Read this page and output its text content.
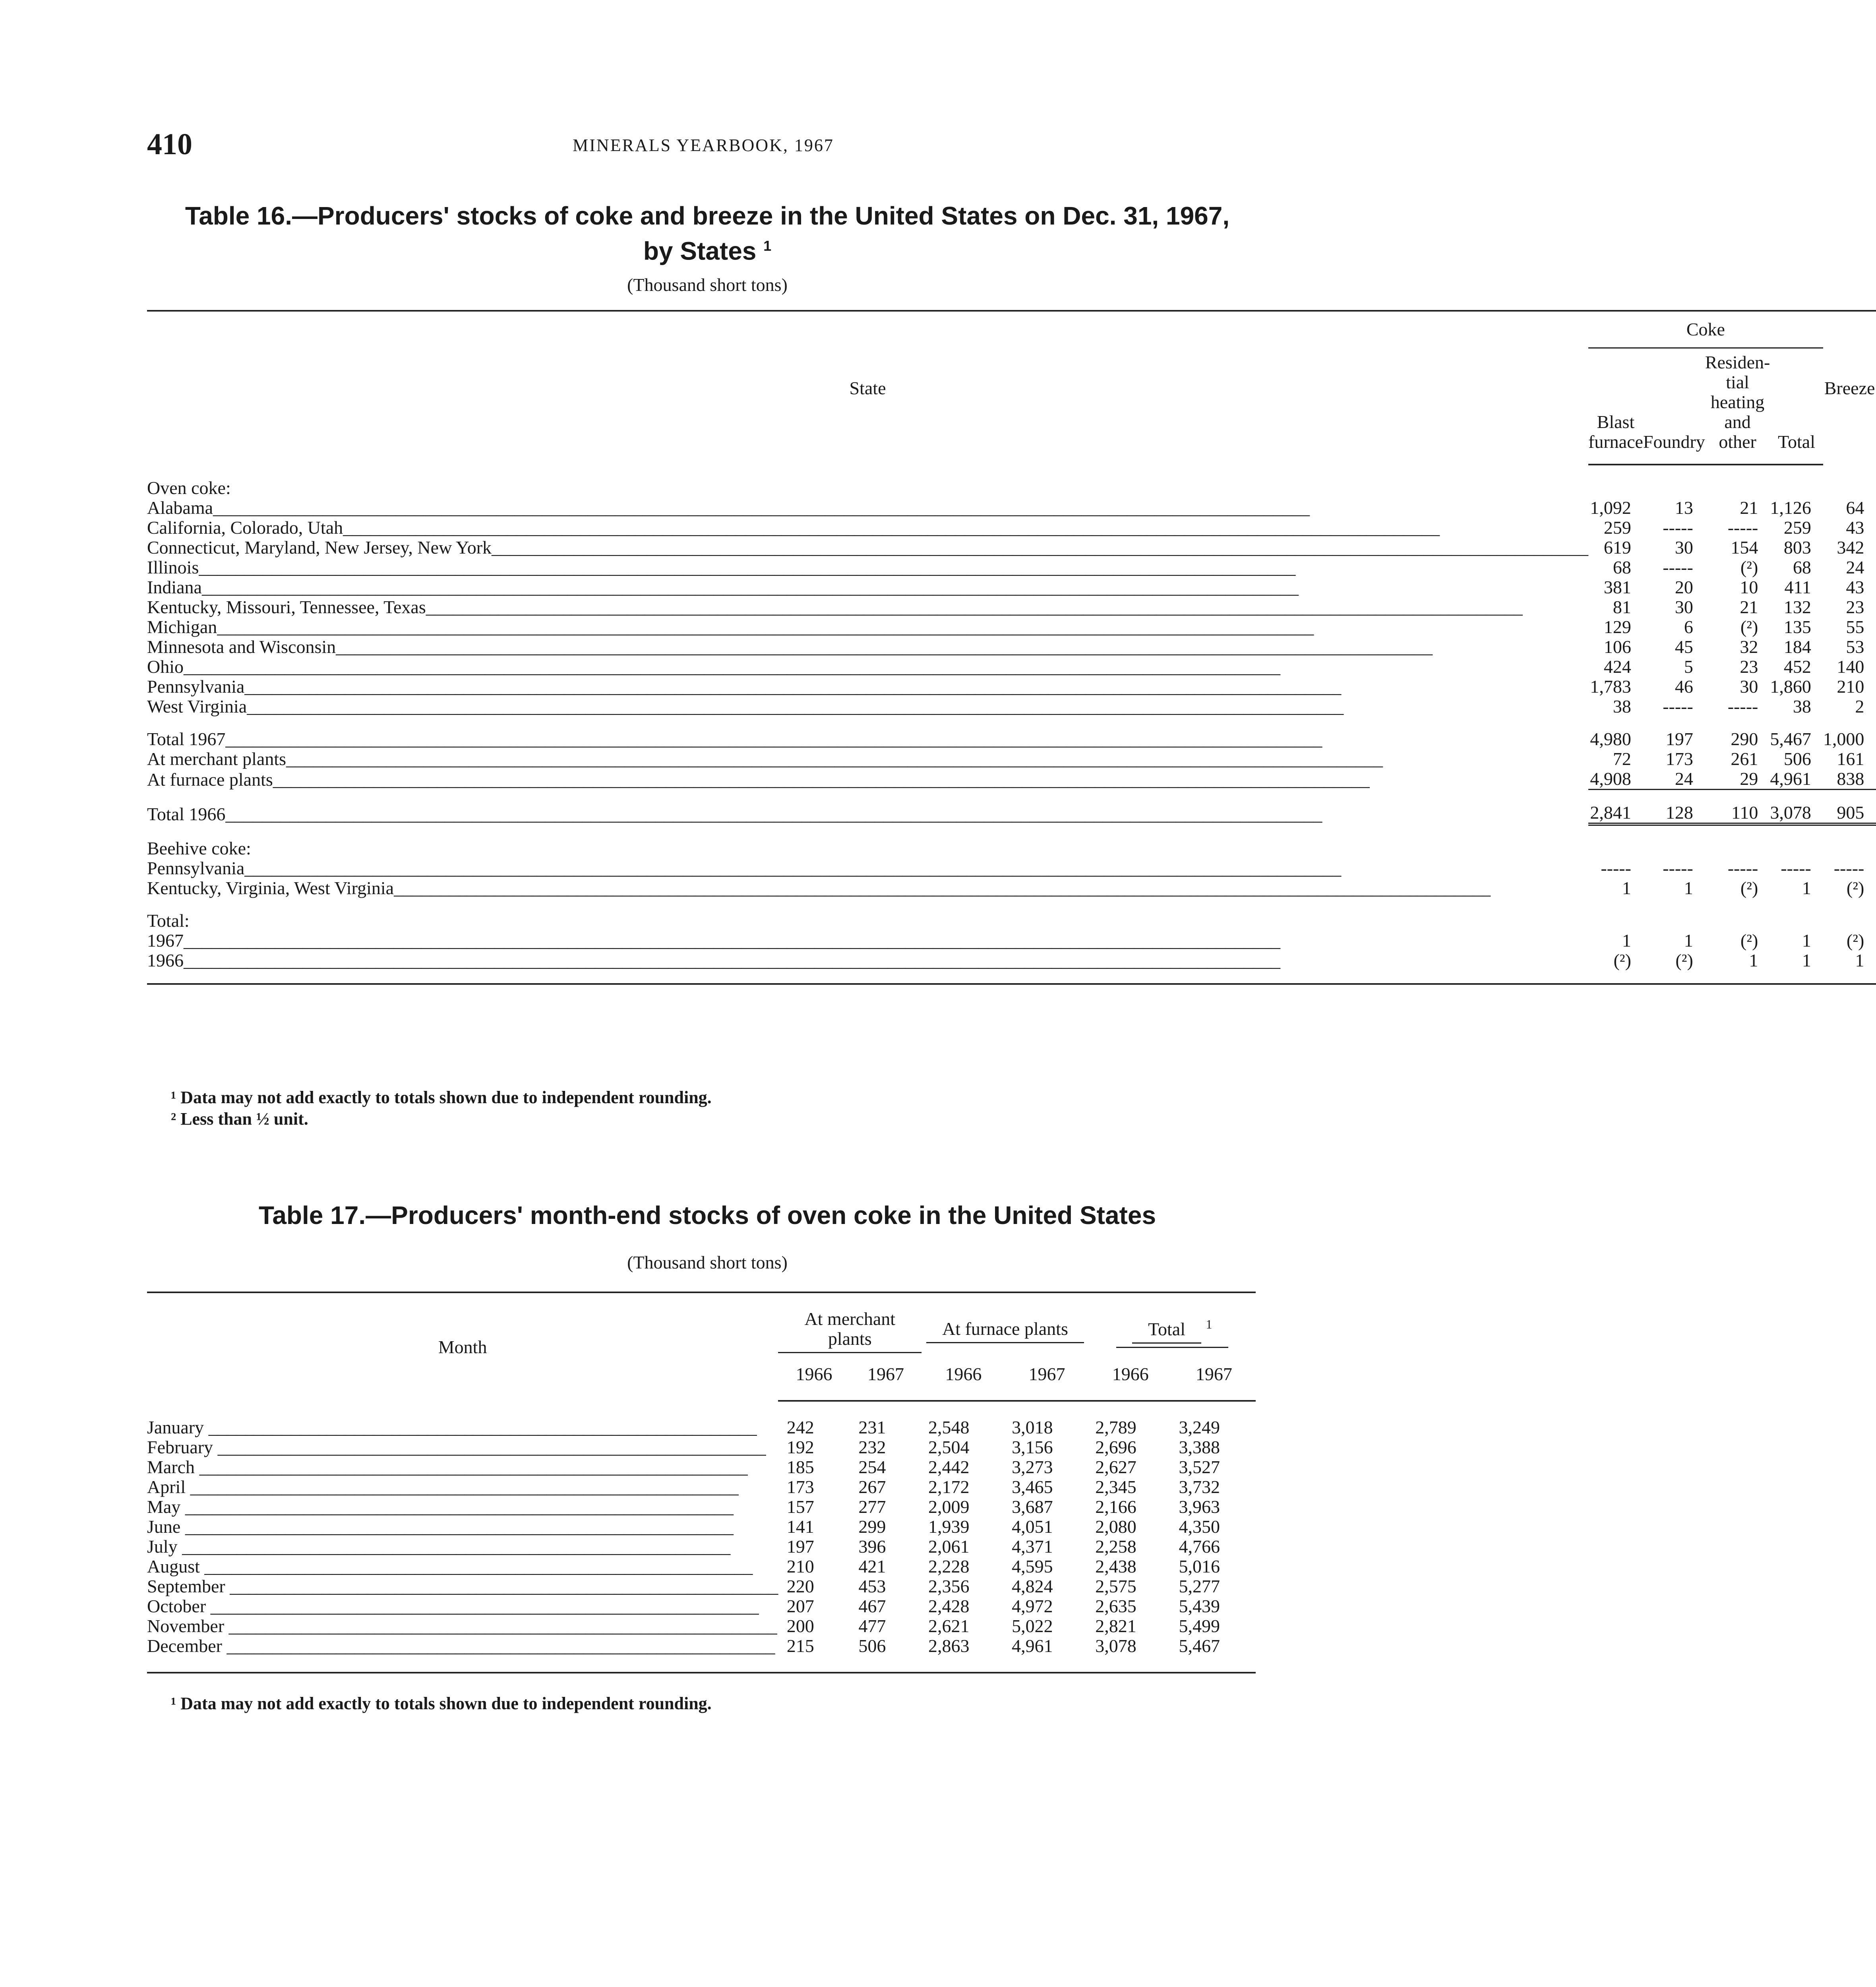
410	MINERALS YEARBOOK, 1967
Table 16.—Producers' stocks of coke and breeze in the United States on Dec. 31, 1967,
by States $^1$
(Thousand short tons)
State	Coke				Breeze
	Blast furnace	Foundry	Residen- tial heating and other	Total	

Oven coke:					
Alabama________________________________________________________________________________________________________________________	1,092	13	21	1,126	64
California, Colorado, Utah________________________________________________________________________________________________________________________	259	-----	-----	259	43
Connecticut, Maryland, New Jersey, New York________________________________________________________________________________________________________________________	619	30	154	803	342
Illinois________________________________________________________________________________________________________________________	68	-----	(²)	68	24
Indiana________________________________________________________________________________________________________________________	381	20	10	411	43
Kentucky, Missouri, Tennessee, Texas________________________________________________________________________________________________________________________	81	30	21	132	23
Michigan________________________________________________________________________________________________________________________	129	6	(²)	135	55
Minnesota and Wisconsin________________________________________________________________________________________________________________________	106	45	32	184	53
Ohio________________________________________________________________________________________________________________________	424	5	23	452	140
Pennsylvania________________________________________________________________________________________________________________________	1,783	46	30	1,860	210
West Virginia________________________________________________________________________________________________________________________	38	-----	-----	38	2

Total 1967________________________________________________________________________________________________________________________	4,980	197	290	5,467	1,000
At merchant plants________________________________________________________________________________________________________________________	72	173	261	506	161
At furnace plants________________________________________________________________________________________________________________________	4,908	24	29	4,961	838

Total 1966________________________________________________________________________________________________________________________	2,841	128	110	3,078	905

Beehive coke:					
Pennsylvania________________________________________________________________________________________________________________________	-----	-----	-----	-----	-----
Kentucky, Virginia, West Virginia________________________________________________________________________________________________________________________	1	1	(²)	1	(²)

Total:					
1967________________________________________________________________________________________________________________________	1	1	(²)	1	(²)
1966________________________________________________________________________________________________________________________	(²)	(²)	1	1	1

¹ Data may not add exactly to totals shown due to independent rounding.
² Less than ½ unit.
Table 17.—Producers' month-end stocks of oven coke in the United States
(Thousand short tons)
Month	At merchant plants		At furnace plants		Total $^1$
	1966	1967	1966	1967	1966	1967
January ____________________________________________________________	242	231	2,548	3,018	2,789	3,249
February ____________________________________________________________	192	232	2,504	3,156	2,696	3,388
March ____________________________________________________________	185	254	2,442	3,273	2,627	3,527
April ____________________________________________________________	173	267	2,172	3,465	2,345	3,732
May ____________________________________________________________	157	277	2,009	3,687	2,166	3,963
June ____________________________________________________________	141	299	1,939	4,051	2,080	4,350
July ____________________________________________________________	197	396	2,061	4,371	2,258	4,766
August ____________________________________________________________	210	421	2,228	4,595	2,438	5,016
September ____________________________________________________________	220	453	2,356	4,824	2,575	5,277
October ____________________________________________________________	207	467	2,428	4,972	2,635	5,439
November ____________________________________________________________	200	477	2,621	5,022	2,821	5,499
December ____________________________________________________________	215	506	2,863	4,961	3,078	5,467
¹ Data may not add exactly to totals shown due to independent rounding.
